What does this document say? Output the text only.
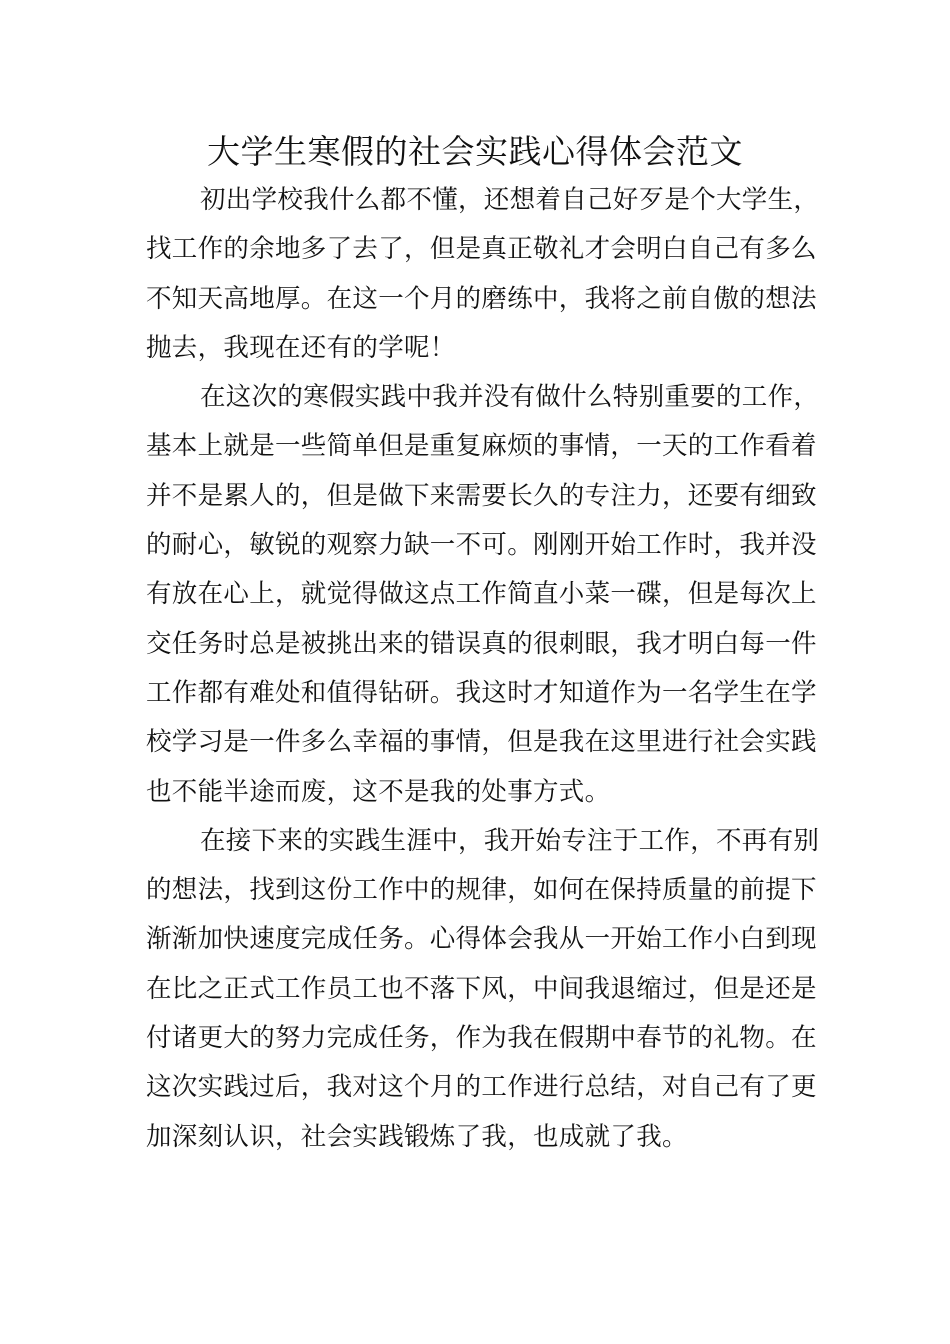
大学生寒假的社会实践心得体会范文

初出学校我什么都不懂，还想着自己好歹是个大学生，找工作的余地多了去了，但是真正敬礼才会明白自己有多么不知天高地厚。在这一个月的磨练中，我将之前自傲的想法抛去，我现在还有的学呢！

在这次的寒假实践中我并没有做什么特别重要的工作，基本上就是一些简单但是重复麻烦的事情，一天的工作看着并不是累人的，但是做下来需要长久的专注力，还要有细致的耐心，敏锐的观察力缺一不可。刚刚开始工作时，我并没有放在心上，就觉得做这点工作简直小菜一碟，但是每次上交任务时总是被挑出来的错误真的很刺眼，我才明白每一件工作都有难处和值得钻研。我这时才知道作为一名学生在学校学习是一件多么幸福的事情，但是我在这里进行社会实践也不能半途而废，这不是我的处事方式。

在接下来的实践生涯中，我开始专注于工作，不再有别的想法，找到这份工作中的规律，如何在保持质量的前提下渐渐加快速度完成任务。心得体会我从一开始工作小白到现在比之正式工作员工也不落下风，中间我退缩过，但是还是付诸更大的努力完成任务，作为我在假期中春节的礼物。在这次实践过后，我对这个月的工作进行总结，对自己有了更加深刻认识，社会实践锻炼了我，也成就了我。
